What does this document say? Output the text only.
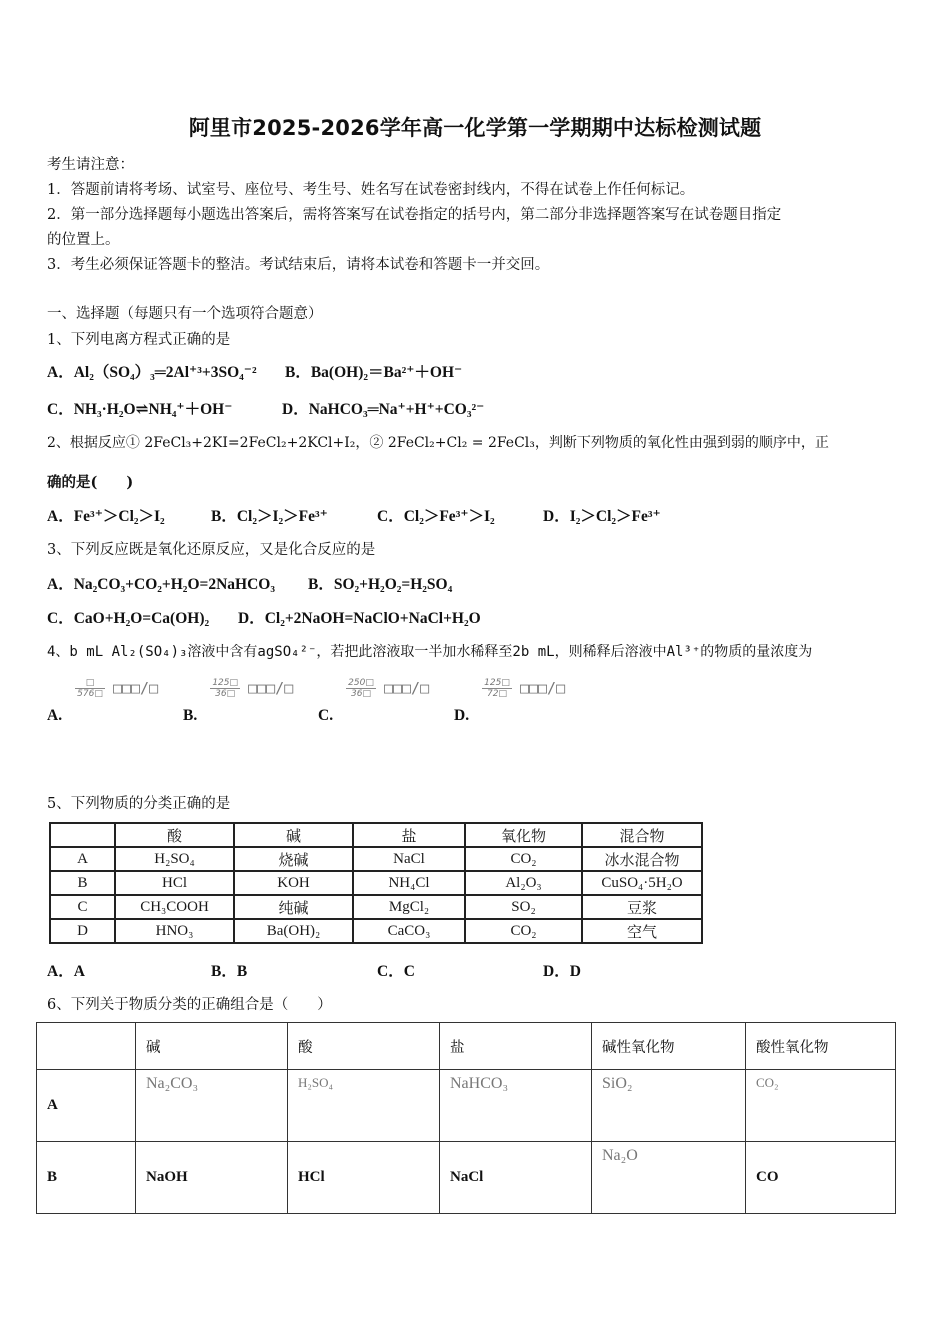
阿里市2025-2026学年高一化学第一学期期中达标检测试题
考生请注意：
1．答题前请将考场、试室号、座位号、考生号、姓名写在试卷密封线内，不得在试卷上作任何标记。
2．第一部分选择题每小题选出答案后，需将答案写在试卷指定的括号内，第二部分非选择题答案写在试卷题目指定
的位置上。
3．考生必须保证答题卡的整洁。考试结束后，请将本试卷和答题卡一并交回。
一、选择题（每题只有一个选项符合题意）
1、下列电离方程式正确的是
A．Al₂（SO₄）₃═2Al⁺³+3SO₄⁻² B．Ba(OH)₂＝Ba²⁺＋OH⁻
C．NH₃·H₂O⇌NH₄⁺＋OH⁻	D．NaHCO₃═Na⁺+H⁺+CO₃²⁻
2、根据反应① 2FeCl₃+2KI=2FeCl₂+2KCl+I₂，② 2FeCl₂+Cl₂ = 2FeCl₃，判断下列物质的氧化性由强到弱的顺序中，正
确的是(　　)
A．Fe³⁺＞Cl₂＞I₂	B．Cl₂＞I₂＞Fe³⁺	C．Cl₂＞Fe³⁺＞I₂	D．I₂＞Cl₂＞Fe³⁺
3、下列反应既是氧化还原反应，又是化合反应的是
A．Na₂CO₃+CO₂+H₂O=2NaHCO₃ B．SO₂+H₂O₂=H₂SO₄
C．CaO+H₂O=Ca(OH)₂ D．Cl₂+2NaOH=NaClO+NaCl+H₂O
4、b mL Al₂(SO₄)₃溶液中含有agSO₄²⁻，若把此溶液取一半加水稀释至2b mL，则稀释后溶液中Al³⁺的物质的量浓度为
A.
$\frac{□}{576□}$ □□□/□
B.
$\frac{125□}{36□}$ □□□/□
C.
$\frac{250□}{36□}$ □□□/□
D.
$\frac{125□}{72□}$ □□□/□
5、下列物质的分类正确的是
	酸	碱	盐	氧化物	混合物
A	H₂SO₄	烧碱	NaCl	CO₂	冰水混合物
B	HCl	KOH	NH₄Cl	Al₂O₃	CuSO₄·5H₂O
C	CH₃COOH	纯碱	MgCl₂	SO₂	豆浆
D	HNO₃	Ba(OH)₂	CaCO₃	CO₂	空气
A．A	B．B	C．C	D．D
6、下列关于物质分类的正确组合是（　　）
	碱	酸	盐	碱性氧化物	酸性氧化物
A	Na₂CO₃	H₂SO₄	NaHCO₃	SiO₂	CO₂
B	NaOH	HCl	NaCl	Na₂O	CO
